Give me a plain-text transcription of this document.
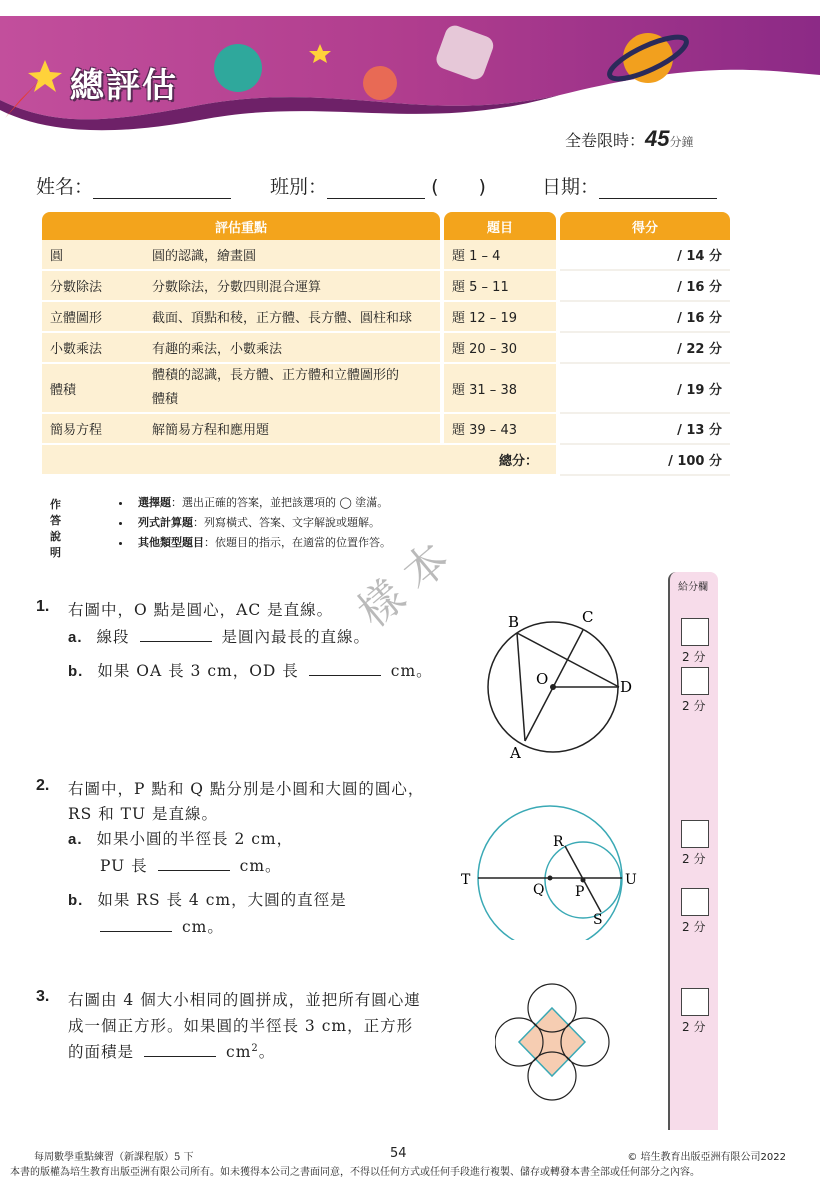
總評估
全卷限時：45分鐘
姓名：	班別：	( )	日期：
評估重點			題目		得分
圓	圓的認識，繪畫圓		題 1 – 4		/ 14 分
分數除法	分數除法，分數四則混合運算		題 5 – 11		/ 16 分
立體圖形	截面、頂點和稜，正方體、長方體、圓柱和球		題 12 – 19		/ 16 分
小數乘法	有趣的乘法，小數乘法		題 20 – 30		/ 22 分
體積	體積的認識，長方體、正方體和立體圖形的體積		題 31 – 38		/ 19 分
簡易方程	解簡易方程和應用題		題 39 – 43		/ 13 分
總分：					/ 100 分
作答說明
• 選擇題：選出正確的答案，並把該選項的 ◯ 塗滿。
• 列式計算題：列寫橫式、答案、文字解說或題解。
• 其他類型題目：依題目的指示，在適當的位置作答。
樣 本
1. 右圖中，O 點是圓心，AC 是直線。
a. 線段	是圓內最長的直線。
b. 如果 OA 長 3 cm，OD 長	cm。
B	C
O	D
A
2. 右圖中，P 點和 Q 點分別是小圓和大圓的圓心，
RS 和 TU 是直線。
a. 如果小圓的半徑長 2 cm，
PU 長	cm。
b. 如果 RS 長 4 cm，大圓的直徑是
cm。
R
T	U
Q P
S
3. 右圖由 4 個大小相同的圓拼成，並把所有圓心連
成一個正方形。如果圓的半徑長 3 cm，正方形
的面積是	$cm^2$。
給分欄
2 分
2 分
2 分
2 分
2 分
每周數學重點練習（新課程版）5 下	54	© 培生教育出版亞洲有限公司2022
本書的版權為培生教育出版亞洲有限公司所有。如未獲得本公司之書面同意，不得以任何方式或任何手段進行複製、儲存或轉發本書全部或任何部分之內容。
